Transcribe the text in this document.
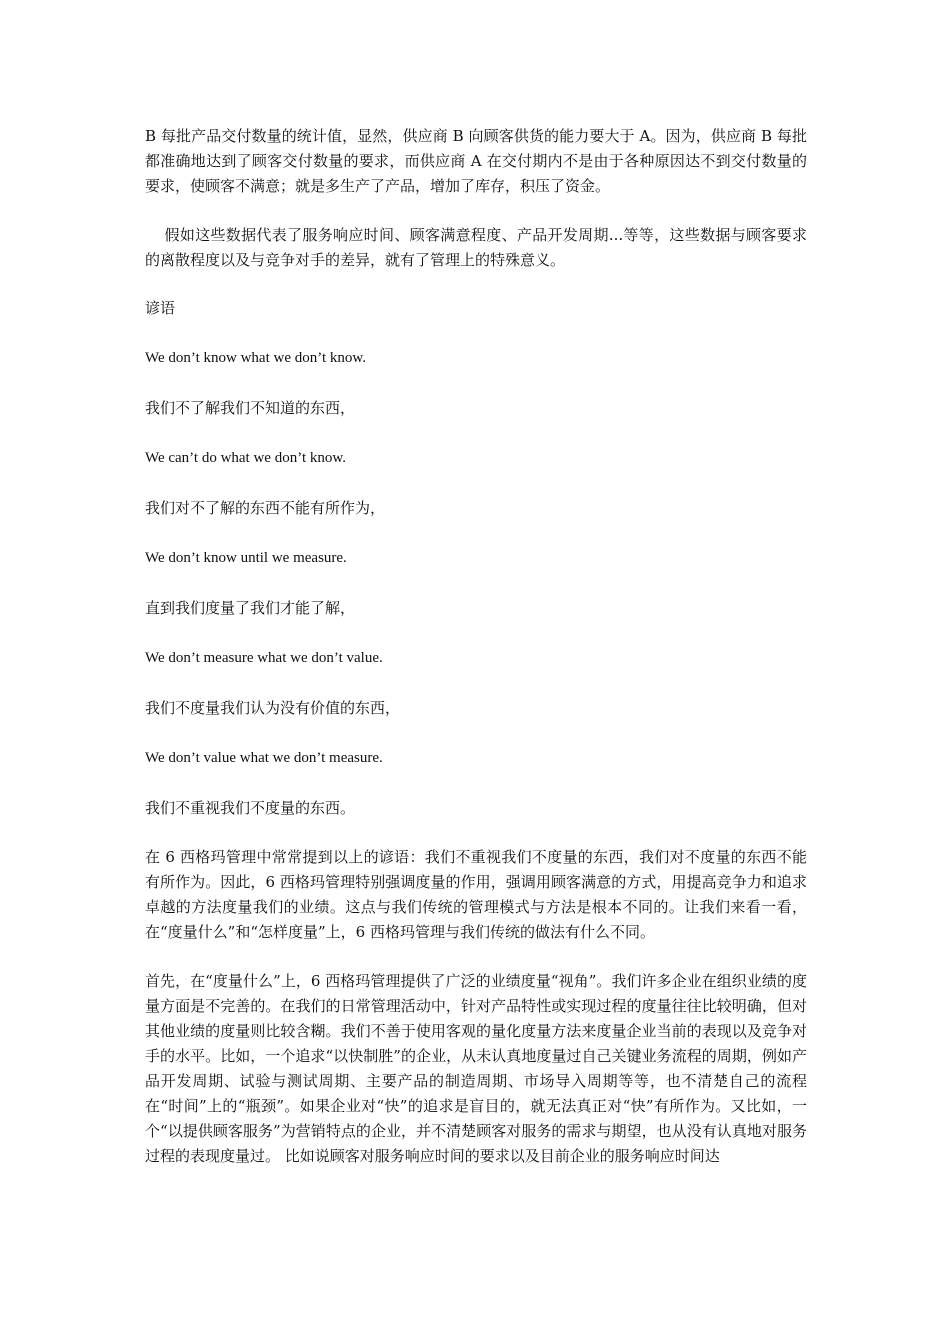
B 每批产品交付数量的统计值，显然，供应商 B 向顾客供货的能力要大于 A。因为，供应商 B 每批都准确地达到了顾客交付数量的要求，而供应商 A 在交付期内不是由于各种原因达不到交付数量的要求，使顾客不满意；就是多生产了产品，增加了库存，积压了资金。

假如这些数据代表了服务响应时间、顾客满意程度、产品开发周期...等等，这些数据与顾客要求的离散程度以及与竞争对手的差异，就有了管理上的特殊意义。

谚语

We don’t know what we don’t know.

我们不了解我们不知道的东西，

We can’t do what we don’t know.

我们对不了解的东西不能有所作为，

We don’t know until we measure.

直到我们度量了我们才能了解，

We don’t measure what we don’t value.

我们不度量我们认为没有价值的东西，

We don’t value what we don’t measure.

我们不重视我们不度量的东西。

在 6 西格玛管理中常常提到以上的谚语：我们不重视我们不度量的东西，我们对不度量的东西不能有所作为。因此，6 西格玛管理特别强调度量的作用，强调用顾客满意的方式，用提高竞争力和追求卓越的方法度量我们的业绩。这点与我们传统的管理模式与方法是根本不同的。让我们来看一看，在“度量什么”和“怎样度量”上，6 西格玛管理与我们传统的做法有什么不同。

首先，在“度量什么”上，6 西格玛管理提供了广泛的业绩度量“视角”。我们许多企业在组织业绩的度量方面是不完善的。在我们的日常管理活动中，针对产品特性或实现过程的度量往往比较明确，但对其他业绩的度量则比较含糊。我们不善于使用客观的量化度量方法来度量企业当前的表现以及竞争对手的水平。比如，一个追求“以快制胜”的企业，从未认真地度量过自己关键业务流程的周期，例如产品开发周期、试验与测试周期、主要产品的制造周期、市场导入周期等等，也不清楚自己的流程在“时间”上的“瓶颈”。如果企业对“快”的追求是盲目的，就无法真正对“快”有所作为。又比如，一个“以提供顾客服务”为营销特点的企业，并不清楚顾客对服务的需求与期望，也从没有认真地对服务过程的表现度量过。 比如说顾客对服务响应时间的要求以及目前企业的服务响应时间达
